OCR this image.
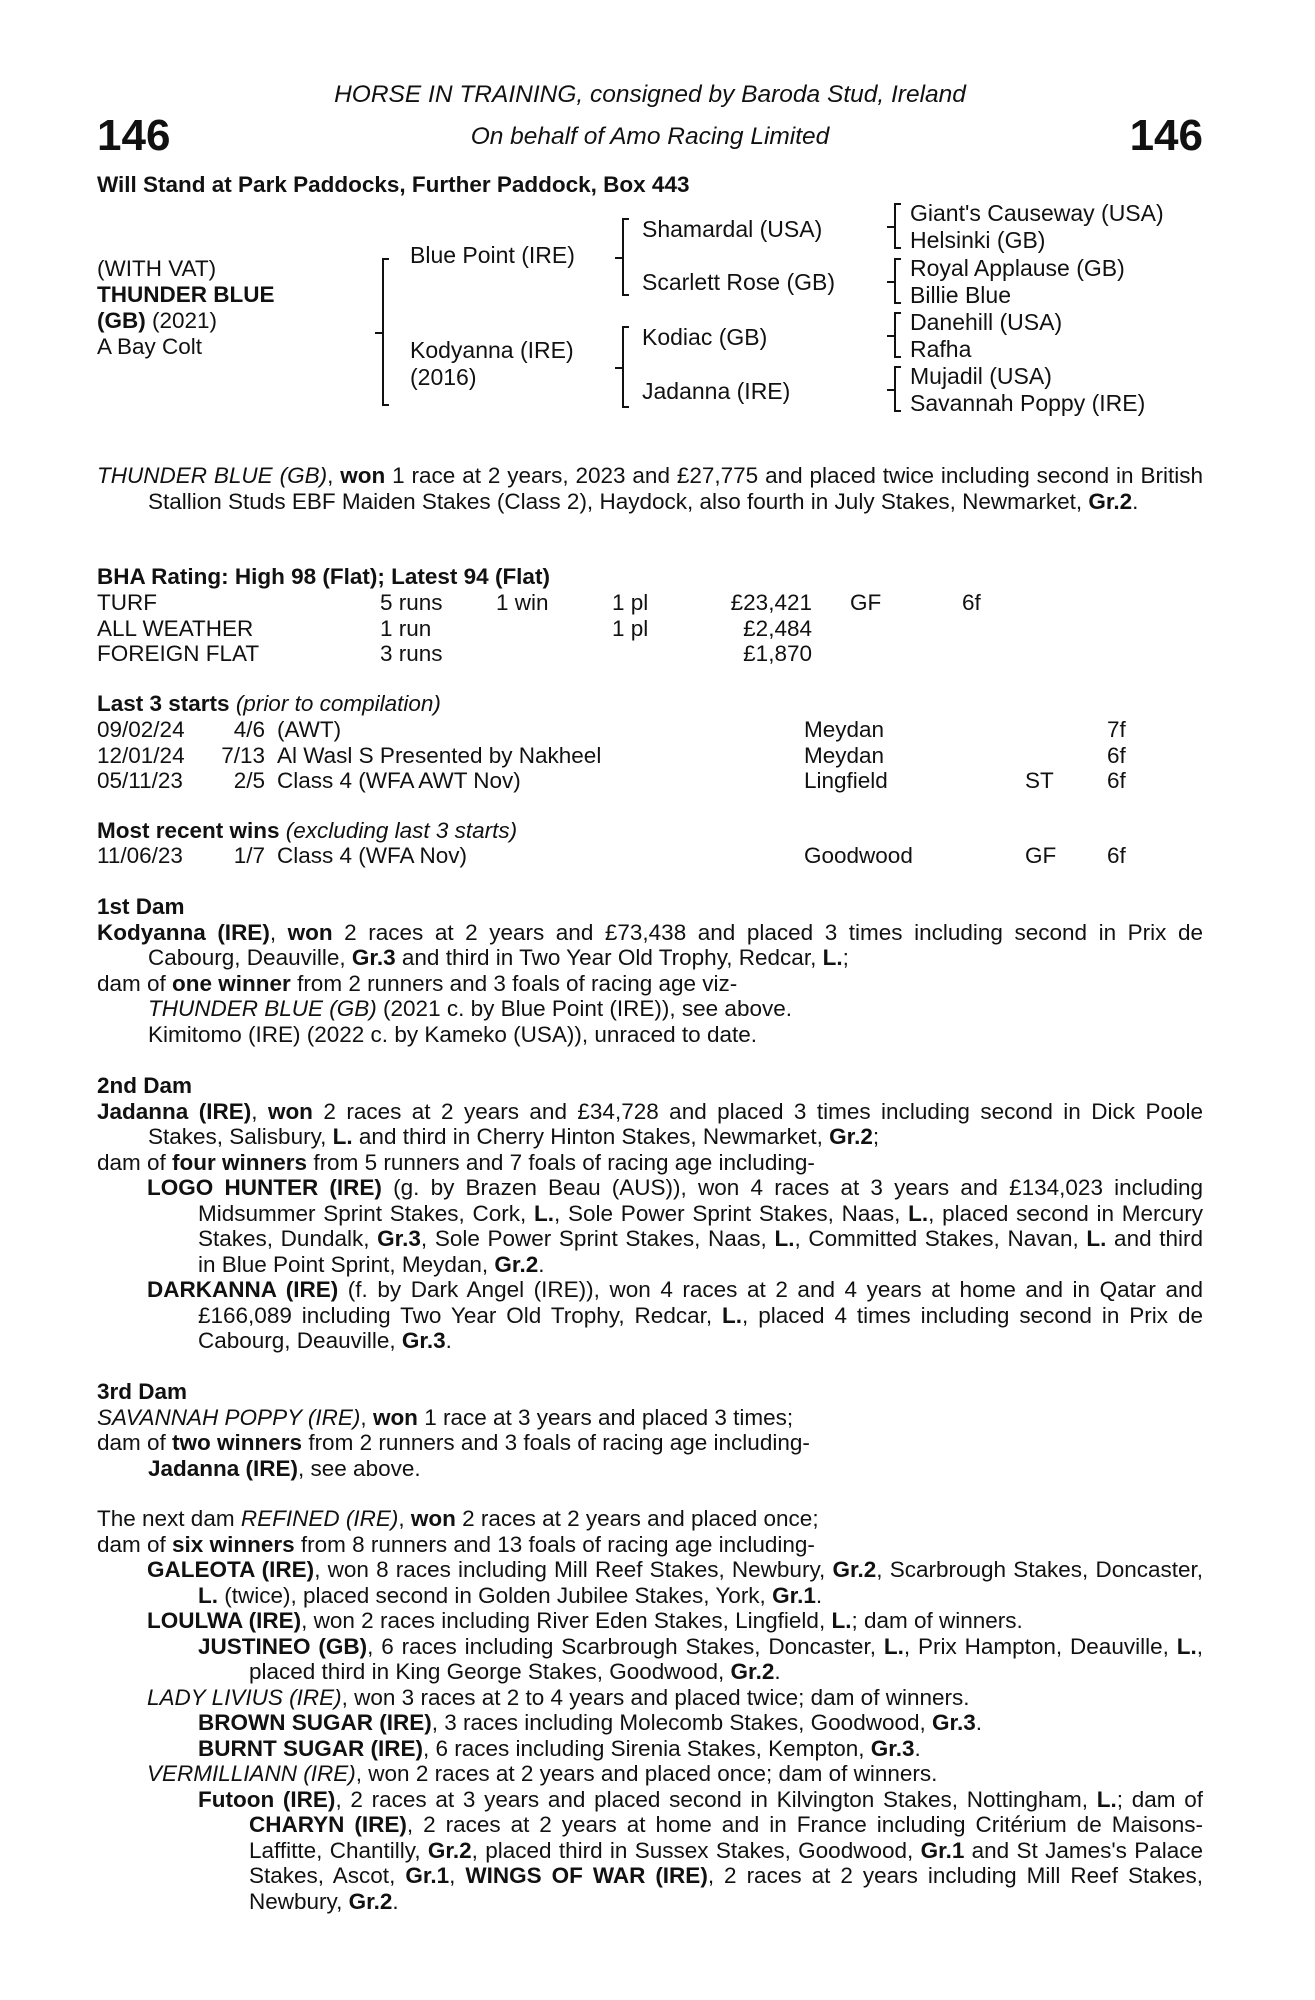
146	146
HORSE IN TRAINING, consigned by Baroda Stud, Ireland
On behalf of Amo Racing Limited
Will Stand at Park Paddocks, Further Paddock, Box 443
(WITH VAT)
THUNDER BLUE
(GB) (2021)
A Bay Colt
Blue Point (IRE)
Kodyanna (IRE)
(2016)
Shamardal (USA)
Scarlett Rose (GB)
Kodiac (GB)
Jadanna (IRE)
Giant's Causeway (USA)
Helsinki (GB)
Royal Applause (GB)
Billie Blue
Danehill (USA)
Rafha
Mujadil (USA)
Savannah Poppy (IRE)

THUNDER BLUE (GB), won 1 race at 2 years, 2023 and £27,775 and placed twice including second in British Stallion Studs EBF Maiden Stakes (Class 2), Haydock, also fourth in July Stakes, Newmarket, Gr.2.

BHA Rating: High 98 (Flat); Latest 94 (Flat)
TURF	5 runs	1 win	1 pl	£23,421		GF	6f
ALL WEATHER	1 run		1 pl	£2,484			
FOREIGN FLAT	3 runs			£1,870			
Last 3 starts (prior to compilation)
09/02/24	4/6	(AWT)	Meydan		7f
12/01/24	7/13	Al Wasl S Presented by Nakheel	Meydan		6f
05/11/23	2/5	Class 4 (WFA AWT Nov)	Lingfield	ST	6f
Most recent wins (excluding last 3 starts)
11/06/23	1/7	Class 4 (WFA Nov)	Goodwood	GF	6f

1st Dam

Kodyanna (IRE), won 2 races at 2 years and £73,438 and placed 3 times including second in Prix de Cabourg, Deauville, Gr.3 and third in Two Year Old Trophy, Redcar, L.;

dam of one winner from 2 runners and 3 foals of racing age viz-

THUNDER BLUE (GB) (2021 c. by Blue Point (IRE)), see above.

Kimitomo (IRE) (2022 c. by Kameko (USA)), unraced to date.

2nd Dam

Jadanna (IRE), won 2 races at 2 years and £34,728 and placed 3 times including second in Dick Poole Stakes, Salisbury, L. and third in Cherry Hinton Stakes, Newmarket, Gr.2;

dam of four winners from 5 runners and 7 foals of racing age including-

LOGO HUNTER (IRE) (g. by Brazen Beau (AUS)), won 4 races at 3 years and £134,023 including Midsummer Sprint Stakes, Cork, L., Sole Power Sprint Stakes, Naas, L., placed second in Mercury Stakes, Dundalk, Gr.3, Sole Power Sprint Stakes, Naas, L., Committed Stakes, Navan, L. and third in Blue Point Sprint, Meydan, Gr.2.

DARKANNA (IRE) (f. by Dark Angel (IRE)), won 4 races at 2 and 4 years at home and in Qatar and £166,089 including Two Year Old Trophy, Redcar, L., placed 4 times including second in Prix de Cabourg, Deauville, Gr.3.

3rd Dam

SAVANNAH POPPY (IRE), won 1 race at 3 years and placed 3 times;

dam of two winners from 2 runners and 3 foals of racing age including-

Jadanna (IRE), see above.

The next dam REFINED (IRE), won 2 races at 2 years and placed once;

dam of six winners from 8 runners and 13 foals of racing age including-

GALEOTA (IRE), won 8 races including Mill Reef Stakes, Newbury, Gr.2, Scarbrough Stakes, Doncaster, L. (twice), placed second in Golden Jubilee Stakes, York, Gr.1.

LOULWA (IRE), won 2 races including River Eden Stakes, Lingfield, L.; dam of winners.

JUSTINEO (GB), 6 races including Scarbrough Stakes, Doncaster, L., Prix Hampton, Deauville, L., placed third in King George Stakes, Goodwood, Gr.2.

LADY LIVIUS (IRE), won 3 races at 2 to 4 years and placed twice; dam of winners.

BROWN SUGAR (IRE), 3 races including Molecomb Stakes, Goodwood, Gr.3.

BURNT SUGAR (IRE), 6 races including Sirenia Stakes, Kempton, Gr.3.

VERMILLIANN (IRE), won 2 races at 2 years and placed once; dam of winners.

Futoon (IRE), 2 races at 3 years and placed second in Kilvington Stakes, Nottingham, L.; dam of CHARYN (IRE), 2 races at 2 years at home and in France including Critérium de Maisons-Laffitte, Chantilly, Gr.2, placed third in Sussex Stakes, Goodwood, Gr.1 and St James's Palace Stakes, Ascot, Gr.1, WINGS OF WAR (IRE), 2 races at 2 years including Mill Reef Stakes, Newbury, Gr.2.
